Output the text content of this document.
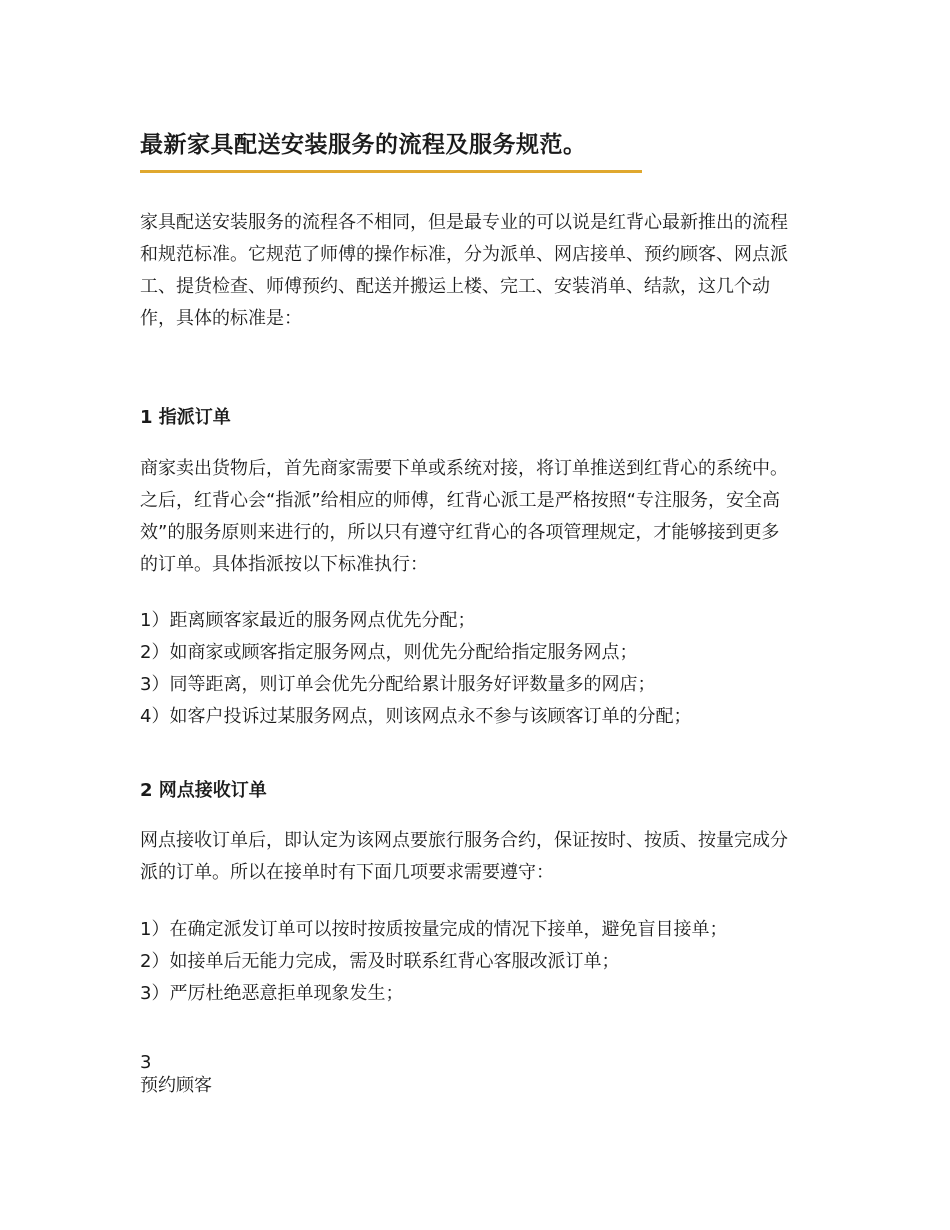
最新家具配送安装服务的流程及服务规范。

家具配送安装服务的流程各不相同，但是最专业的可以说是红背心最新推出的流程
和规范标准。它规范了师傅的操作标准，分为派单、网店接单、预约顾客、网点派
工、提货检查、师傅预约、配送并搬运上楼、完工、安装消单、结款，这几个动
作，具体的标准是：

1 指派订单

商家卖出货物后，首先商家需要下单或系统对接，将订单推送到红背心的系统中。
之后，红背心会“指派”给相应的师傅，红背心派工是严格按照“专注服务，安全高
效”的服务原则来进行的，所以只有遵守红背心的各项管理规定，才能够接到更多
的订单。具体指派按以下标准执行：

1）距离顾客家最近的服务网点优先分配；
2）如商家或顾客指定服务网点，则优先分配给指定服务网点；
3）同等距离，则订单会优先分配给累计服务好评数量多的网店；
4）如客户投诉过某服务网点，则该网点永不参与该顾客订单的分配；
2 网点接收订单

网点接收订单后，即认定为该网点要旅行服务合约，保证按时、按质、按量完成分
派的订单。所以在接单时有下面几项要求需要遵守：

1）在确定派发订单可以按时按质按量完成的情况下接单，避免盲目接单；
2）如接单后无能力完成，需及时联系红背心客服改派订单；
3）严厉杜绝恶意拒单现象发生；
3
预约顾客
